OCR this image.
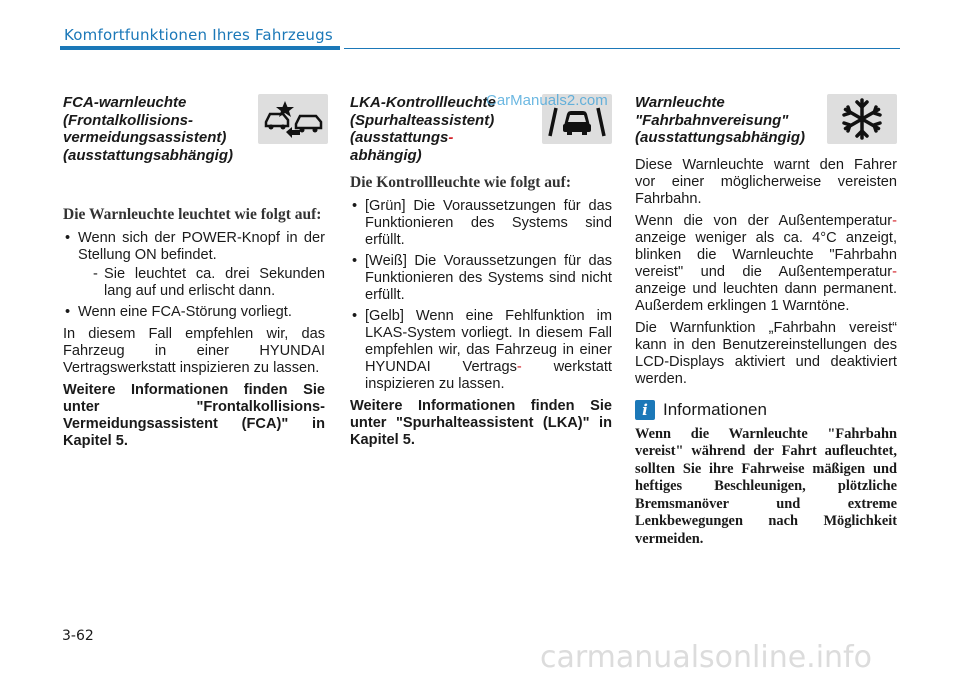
Komfortfunktionen Ihres Fahrzeugs
FCA-warnleuchte
(Frontalkollisions-
vermeidungsassistent)
(ausstattungsabhängig)
Die Warnleuchte leuchtet wie folgt auf:
• Wenn sich der POWER-Knopf in der Stellung ON befindet.
- Sie leuchtet ca. drei Sekunden lang auf und erlischt dann.
• Wenn eine FCA-Störung vorliegt.

In diesem Fall empfehlen wir, das Fahrzeug in einer HYUNDAI Vertragswerkstatt inspizieren zu lassen.

Weitere Informationen finden Sie unter "Frontalkollisions-Vermeidungsassistent (FCA)" in Kapitel 5.

LKA-Kontrollleuchte
(Spurhalteassistent)
(ausstattungs-
abhängig)
Die Kontrollleuchte wie folgt auf:
• [Grün] Die Voraussetzungen für das Funktionieren des Systems sind erfüllt.
• [Weiß] Die Voraussetzungen für das Funktionieren des Systems sind nicht erfüllt.
• [Gelb] Wenn eine Fehlfunktion im LKAS-System vorliegt. In diesem Fall empfehlen wir, das Fahrzeug in einer HYUNDAI Vertrags- werkstatt inspizieren zu lassen.

Weitere Informationen finden Sie unter "Spurhalteassistent (LKA)" in Kapitel 5.

Warnleuchte
"Fahrbahnvereisung"
(ausstattungsabhängig)

Diese Warnleuchte warnt den Fahrer vor einer möglicherweise vereisten Fahrbahn.

Wenn die von der Außentemperatur- anzeige weniger als ca. 4°C anzeigt, blinken die Warnleuchte "Fahrbahn vereist" und die Außentemperatur- anzeige und leuchten dann permanent. Außerdem erklingen 1 Warntöne.

Die Warnfunktion „Fahrbahn vereist“ kann in den Benutzereinstellungen des LCD-Displays aktiviert und deaktiviert werden.

i Informationen
Wenn die Warnleuchte "Fahrbahn vereist" während der Fahrt aufleuchtet, sollten Sie ihre Fahrweise mäßigen und heftiges Beschleunigen, plötzliche Bremsmanöver und extreme Lenkbewegungen nach Möglichkeit vermeiden.
3-62
CarManuals2.com
carmanualsonline.info
